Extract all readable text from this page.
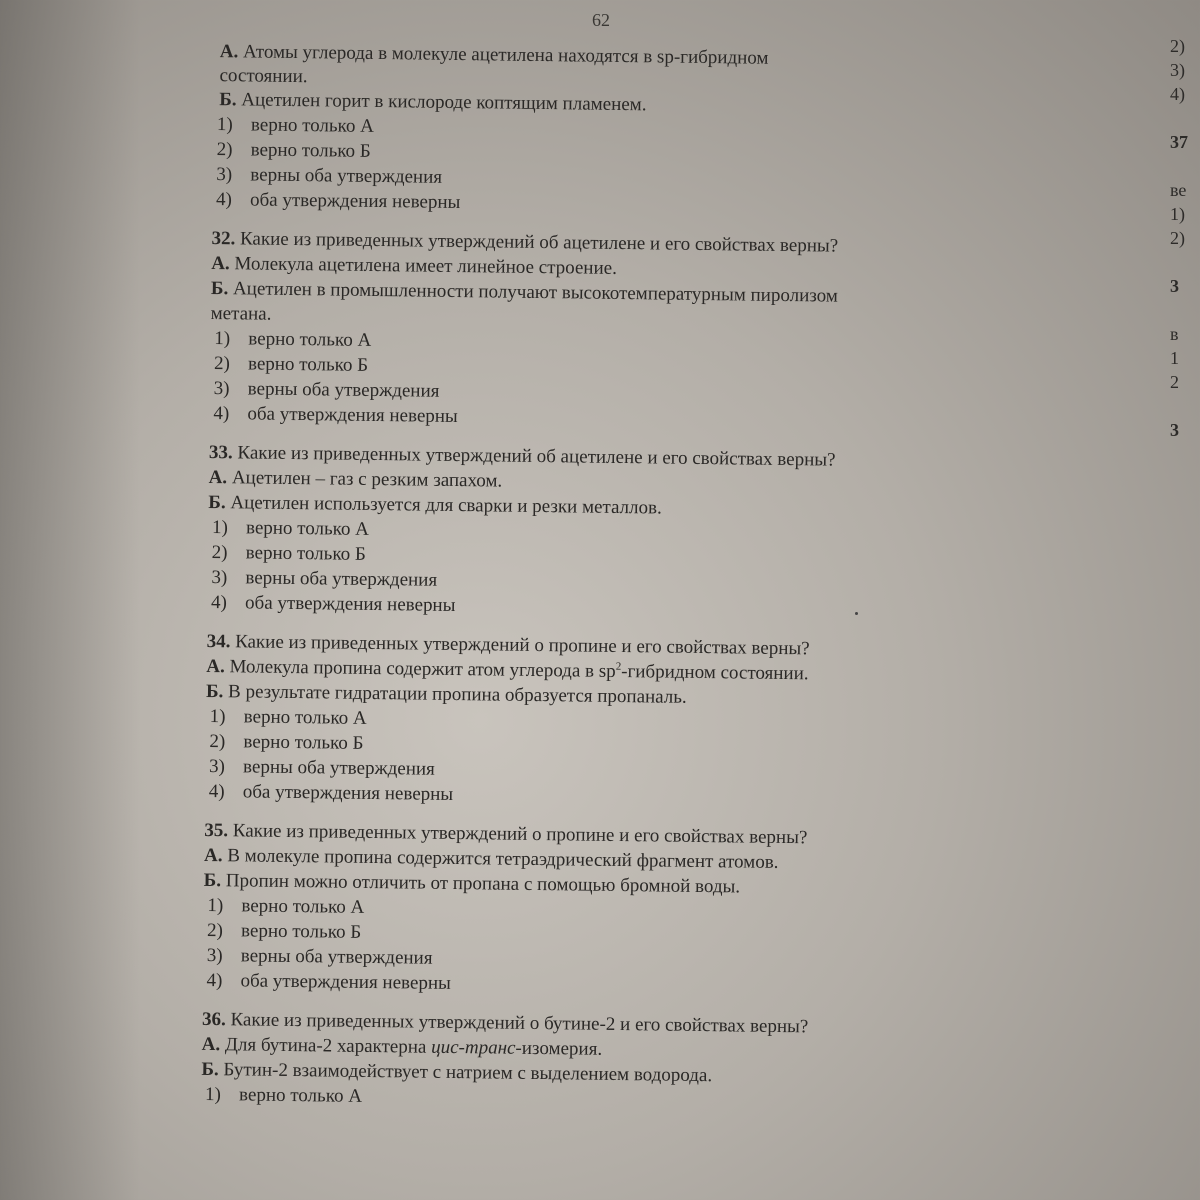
62
А. Атомы углерода в молекуле ацетилена находятся в sp-гибридном
состоянии.
Б. Ацетилен горит в кислороде коптящим пламенем.
1) верно только А
2) верно только Б
3) верны оба утверждения
4) оба утверждения неверны
32. Какие из приведенных утверждений об ацетилене и его свойствах верны?
А. Молекула ацетилена имеет линейное строение.
Б. Ацетилен в промышленности получают высокотемпературным пиролизом
метана.
1) верно только А
2) верно только Б
3) верны оба утверждения
4) оба утверждения неверны
33. Какие из приведенных утверждений об ацетилене и его свойствах верны?
А. Ацетилен – газ с резким запахом.
Б. Ацетилен используется для сварки и резки металлов.
1) верно только А
2) верно только Б
3) верны оба утверждения
4) оба утверждения неверны
34. Какие из приведенных утверждений о пропине и его свойствах верны?
А. Молекула пропина содержит атом углерода в $sp^2$-гибридном состоянии.
Б. В результате гидратации пропина образуется пропаналь.
1) верно только А
2) верно только Б
3) верны оба утверждения
4) оба утверждения неверны
35. Какие из приведенных утверждений о пропине и его свойствах верны?
А. В молекуле пропина содержится тетраэдрический фрагмент атомов.
Б. Пропин можно отличить от пропана с помощью бромной воды.
1) верно только А
2) верно только Б
3) верны оба утверждения
4) оба утверждения неверны
36. Какие из приведенных утверждений о бутине-2 и его свойствах верны?
А. Для бутина-2 характерна цис-транс-изомерия.
Б. Бутин-2 взаимодействует с натрием с выделением водорода.
1) верно только А
2)
3)
4)
37
ве
1)
2)
3
в
1
2
3
